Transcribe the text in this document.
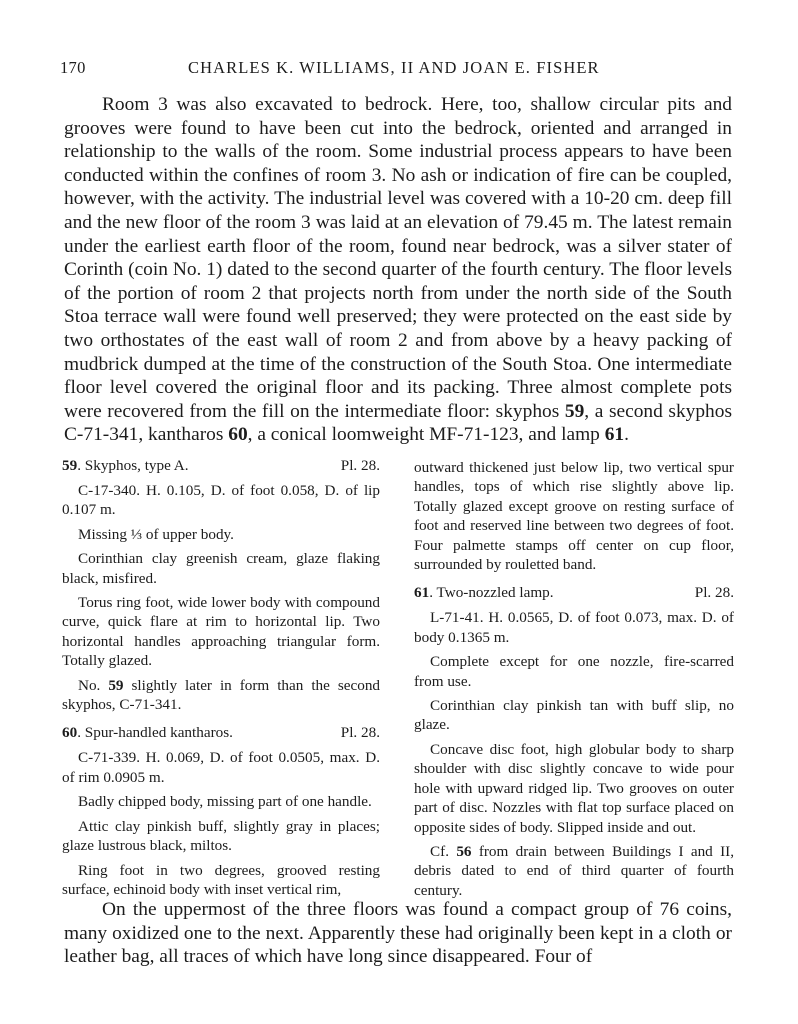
170	CHARLES K. WILLIAMS, II AND JOAN E. FISHER

Room 3 was also excavated to bedrock. Here, too, shallow circular pits and grooves were found to have been cut into the bedrock, oriented and arranged in relationship to the walls of the room. Some industrial process appears to have been conducted within the confines of room 3. No ash or indication of fire can be coupled, however, with the activity. The industrial level was covered with a 10-20 cm. deep fill and the new floor of the room 3 was laid at an elevation of 79.45 m. The latest remain under the earliest earth floor of the room, found near bedrock, was a silver stater of Corinth (coin No. 1) dated to the second quarter of the fourth century. The floor levels of the portion of room 2 that projects north from under the north side of the South Stoa terrace wall were found well preserved; they were protected on the east side by two orthostates of the east wall of room 2 and from above by a heavy packing of mudbrick dumped at the time of the construction of the South Stoa. One intermediate floor level covered the original floor and its packing. Three almost complete pots were recovered from the fill on the intermediate floor: skyphos 59, a second skyphos C-71-341, kantharos 60, a conical loomweight MF-71-123, and lamp 61.

59. Skyphos, type A.	Pl. 28.

C-17-340. H. 0.105, D. of foot 0.058, D. of lip 0.107 m.

Missing ⅓ of upper body.

Corinthian clay greenish cream, glaze flaking black, misfired.

Torus ring foot, wide lower body with compound curve, quick flare at rim to horizontal lip. Two horizontal handles approaching triangular form. Totally glazed.

No. 59 slightly later in form than the second skyphos, C-71-341.

60. Spur-handled kantharos.	Pl. 28.

C-71-339. H. 0.069, D. of foot 0.0505, max. D. of rim 0.0905 m.

Badly chipped body, missing part of one handle.

Attic clay pinkish buff, slightly gray in places; glaze lustrous black, miltos.

Ring foot in two degrees, grooved resting surface, echinoid body with inset vertical rim,

outward thickened just below lip, two vertical spur handles, tops of which rise slightly above lip. Totally glazed except groove on resting surface of foot and reserved line between two degrees of foot. Four palmette stamps off center on cup floor, surrounded by rouletted band.

61. Two-nozzled lamp.	Pl. 28.

L-71-41. H. 0.0565, D. of foot 0.073, max. D. of body 0.1365 m.

Complete except for one nozzle, fire-scarred from use.

Corinthian clay pinkish tan with buff slip, no glaze.

Concave disc foot, high globular body to sharp shoulder with disc slightly concave to wide pour hole with upward ridged lip. Two grooves on outer part of disc. Nozzles with flat top surface placed on opposite sides of body. Slipped inside and out.

Cf. 56 from drain between Buildings I and II, debris dated to end of third quarter of fourth century.

On the uppermost of the three floors was found a compact group of 76 coins, many oxidized one to the next. Apparently these had originally been kept in a cloth or leather bag, all traces of which have long since disappeared. Four of
